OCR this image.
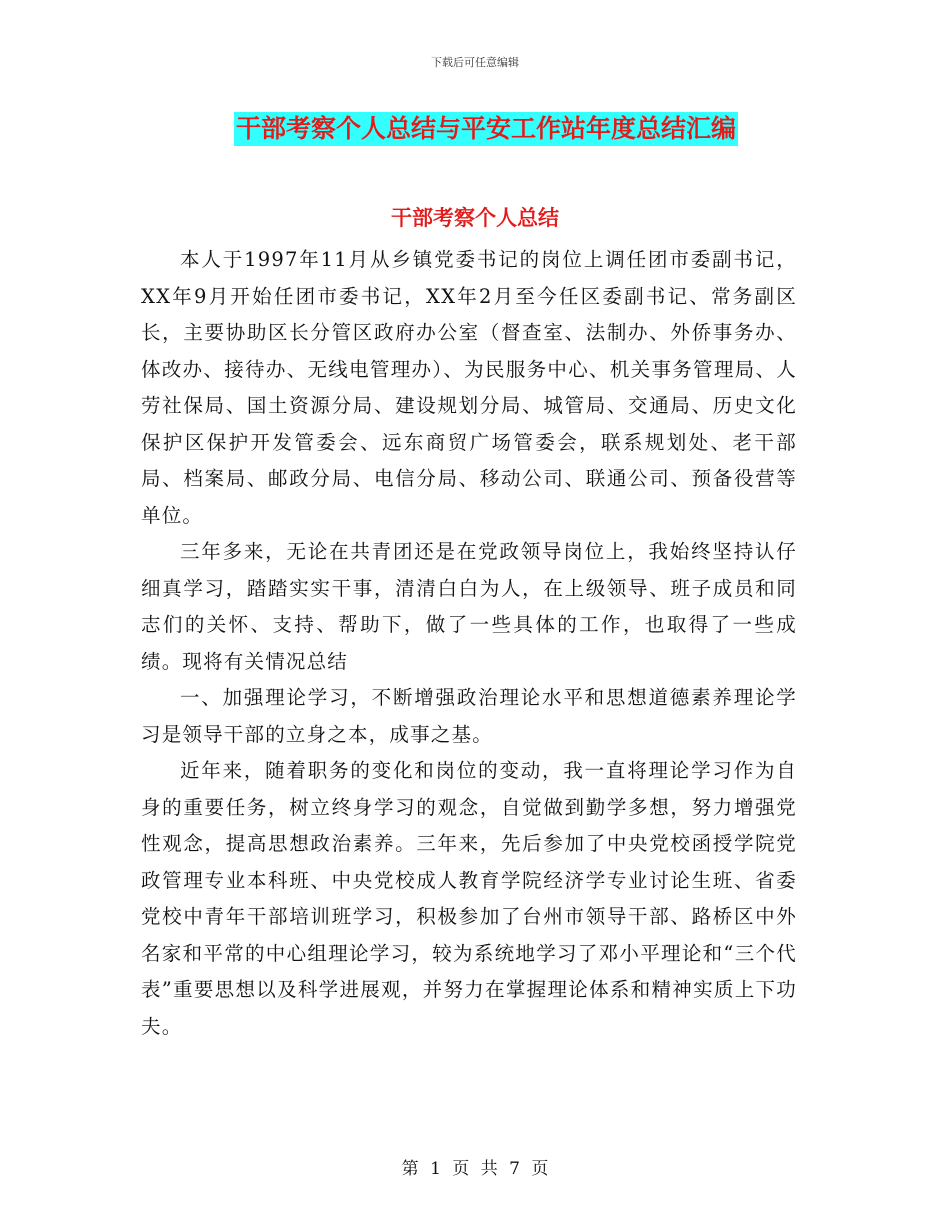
下载后可任意编辑
干部考察个人总结与平安工作站年度总结汇编
干部考察个人总结

本人于1997年11月从乡镇党委书记的岗位上调任团市委副书记，XX年9月开始任团市委书记，XX年2月至今任区委副书记、常务副区长，主要协助区长分管区政府办公室（督查室、法制办、外侨事务办、体改办、接待办、无线电管理办）、为民服务中心、机关事务管理局、人劳社保局、国土资源分局、建设规划分局、城管局、交通局、历史文化保护区保护开发管委会、远东商贸广场管委会，联系规划处、老干部局、档案局、邮政分局、电信分局、移动公司、联通公司、预备役营等单位。

三年多来，无论在共青团还是在党政领导岗位上，我始终坚持认仔细真学习，踏踏实实干事，清清白白为人，在上级领导、班子成员和同志们的关怀、支持、帮助下，做了一些具体的工作，也取得了一些成绩。现将有关情况总结

一、加强理论学习，不断增强政治理论水平和思想道德素养理论学习是领导干部的立身之本，成事之基。

近年来，随着职务的变化和岗位的变动，我一直将理论学习作为自身的重要任务，树立终身学习的观念，自觉做到勤学多想，努力增强党性观念，提高思想政治素养。三年来，先后参加了中央党校函授学院党政管理专业本科班、中央党校成人教育学院经济学专业讨论生班、省委党校中青年干部培训班学习，积极参加了台州市领导干部、路桥区中外名家和平常的中心组理论学习，较为系统地学习了邓小平理论和“三个代表”重要思想以及科学进展观，并努力在掌握理论体系和精神实质上下功夫。

第 1 页 共 7 页
